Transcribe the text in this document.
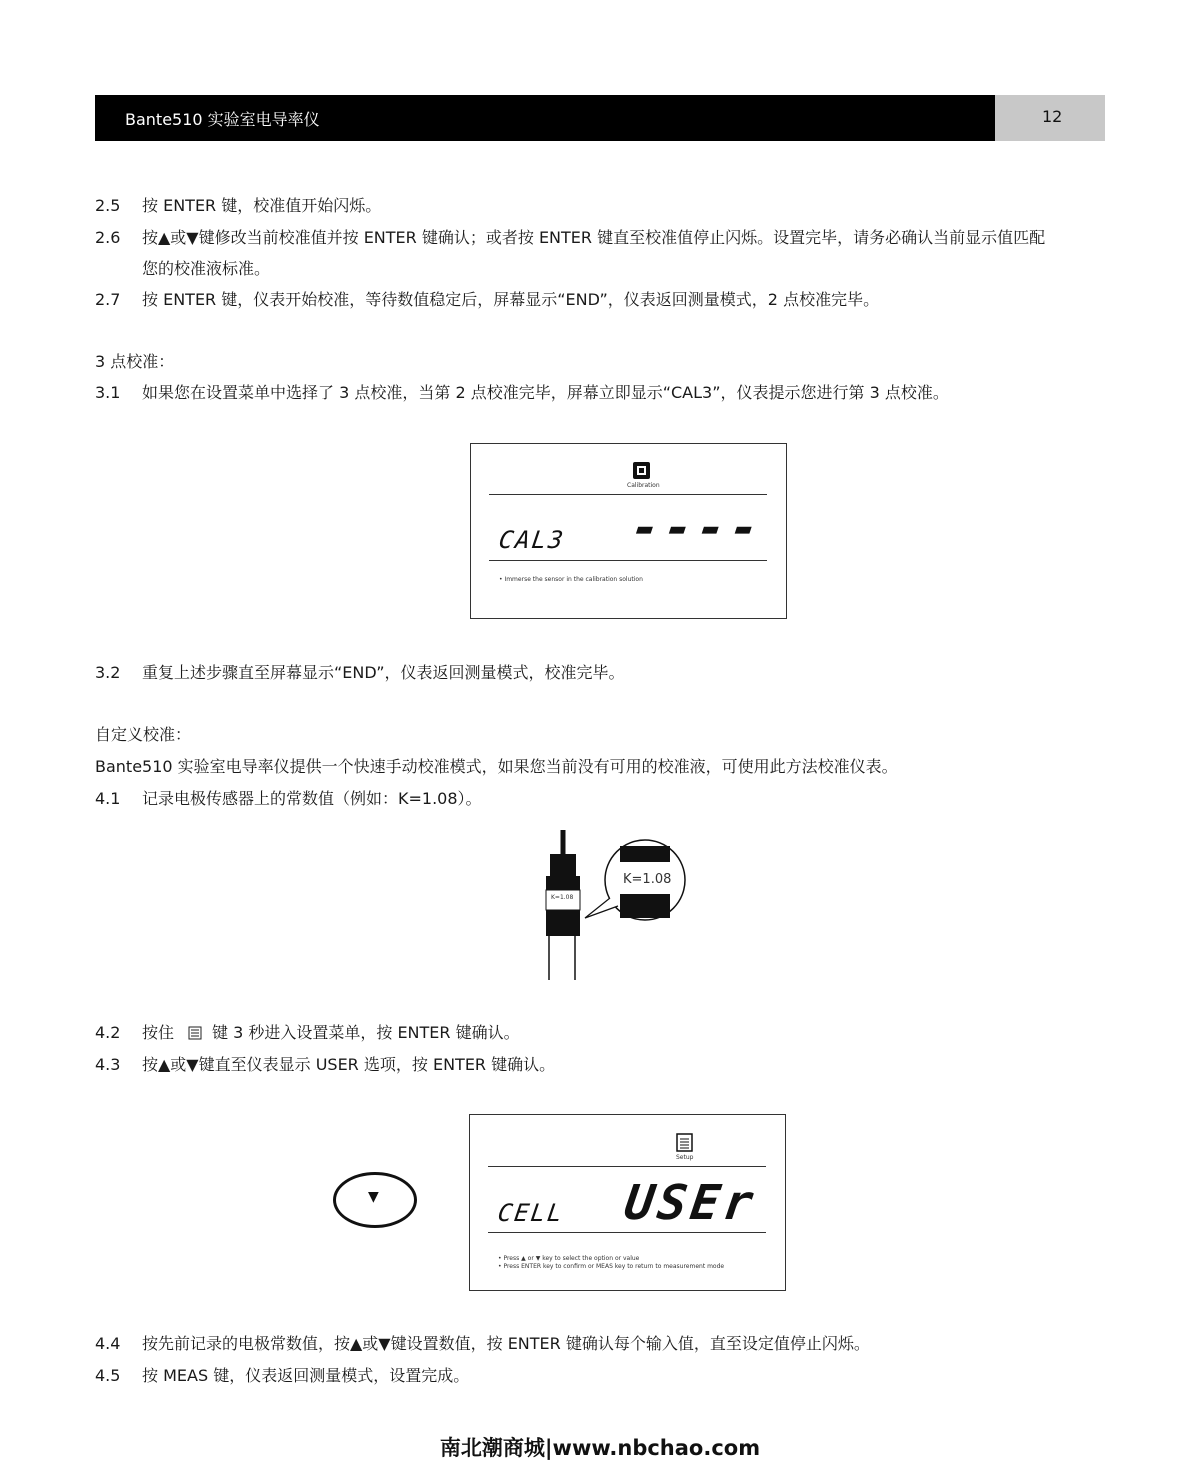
Bante510 实验室电导率仪	12
2.5 按 ENTER 键，校准值开始闪烁。
2.6 按▲或▼键修改当前校准值并按 ENTER 键确认；或者按 ENTER 键直至校准值停止闪烁。设置完毕，请务必确认当前显示值匹配
您的校准液标准。
2.7 按 ENTER 键，仪表开始校准，等待数值稳定后，屏幕显示“END”，仪表返回测量模式，2 点校准完毕。
3 点校准：
3.1 如果您在设置菜单中选择了 3 点校准，当第 2 点校准完毕，屏幕立即显示“CAL3”，仪表提示您进行第 3 点校准。
Calibration
CAL3 ----
• Immerse the sensor in the calibration solution
3.2 重复上述步骤直至屏幕显示“END”，仪表返回测量模式，校准完毕。
自定义校准：
Bante510 实验室电导率仪提供一个快速手动校准模式，如果您当前没有可用的校准液，可使用此方法校准仪表。
4.1 记录电极传感器上的常数值（例如：K=1.08）。
K=1.08
K=1.08
4.2 按住 键 3 秒进入设置菜单，按 ENTER 键确认。
4.3 按▲或▼键直至仪表显示 USER 选项，按 ENTER 键确认。
▼
Setup
CELL USEr
• Press ▲ or ▼ key to select the option or value
• Press ENTER key to confirm or MEAS key to return to measurement mode
4.4 按先前记录的电极常数值，按▲或▼键设置数值，按 ENTER 键确认每个输入值，直至设定值停止闪烁。
4.5 按 MEAS 键，仪表返回测量模式，设置完成。
南北潮商城|www.nbchao.com
